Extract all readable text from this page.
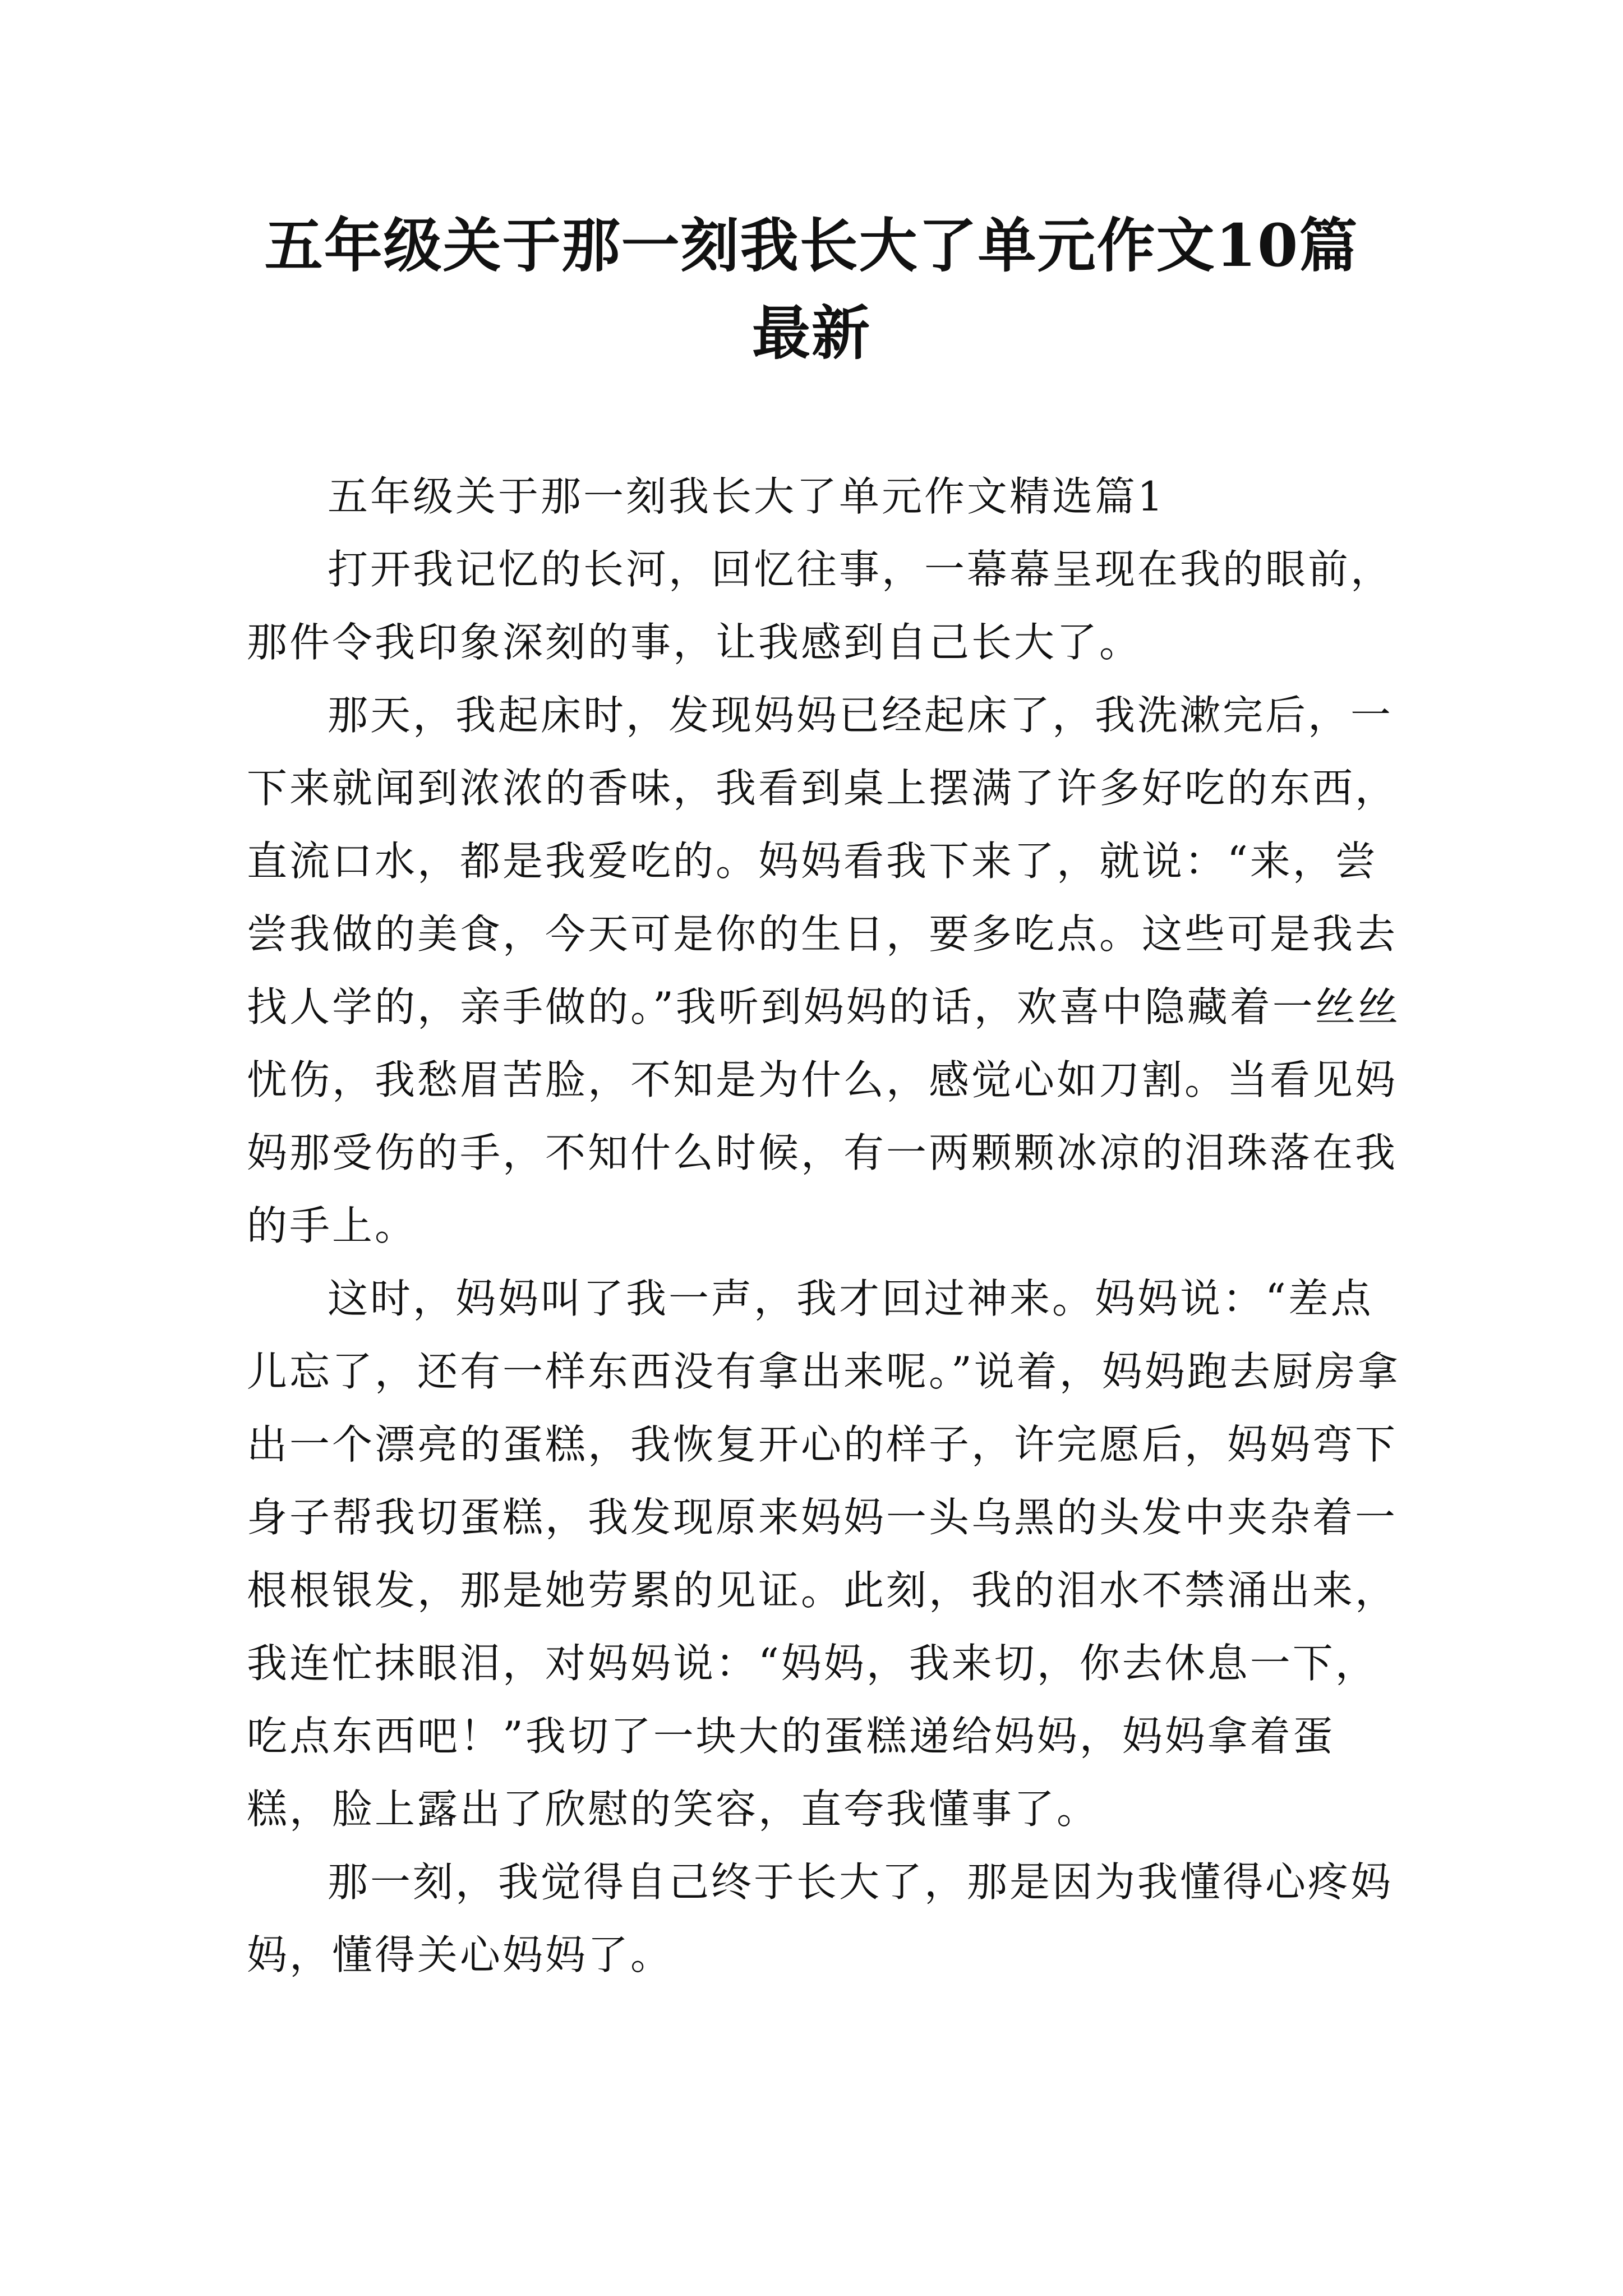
五年级关于那一刻我长大了单元作文10篇最新

五年级关于那一刻我长大了单元作文精选篇1

打开我记忆的长河，回忆往事，一幕幕呈现在我的眼前，那件令我印象深刻的事，让我感到自己长大了。

那天，我起床时，发现妈妈已经起床了，我洗漱完后，一下来就闻到浓浓的香味，我看到桌上摆满了许多好吃的东西，直流口水，都是我爱吃的。妈妈看我下来了，就说：“来，尝尝我做的美食，今天可是你的生日，要多吃点。这些可是我去找人学的，亲手做的。”我听到妈妈的话，欢喜中隐藏着一丝丝忧伤，我愁眉苦脸，不知是为什么，感觉心如刀割。当看见妈妈那受伤的手，不知什么时候，有一两颗颗冰凉的泪珠落在我的手上。

这时，妈妈叫了我一声，我才回过神来。妈妈说：“差点儿忘了，还有一样东西没有拿出来呢。”说着，妈妈跑去厨房拿出一个漂亮的蛋糕，我恢复开心的样子，许完愿后，妈妈弯下身子帮我切蛋糕，我发现原来妈妈一头乌黑的头发中夹杂着一根根银发，那是她劳累的见证。此刻，我的泪水不禁涌出来，我连忙抹眼泪，对妈妈说：“妈妈，我来切，你去休息一下，吃点东西吧！”我切了一块大的蛋糕递给妈妈，妈妈拿着蛋糕，脸上露出了欣慰的笑容，直夸我懂事了。

那一刻，我觉得自己终于长大了，那是因为我懂得心疼妈妈，懂得关心妈妈了。
